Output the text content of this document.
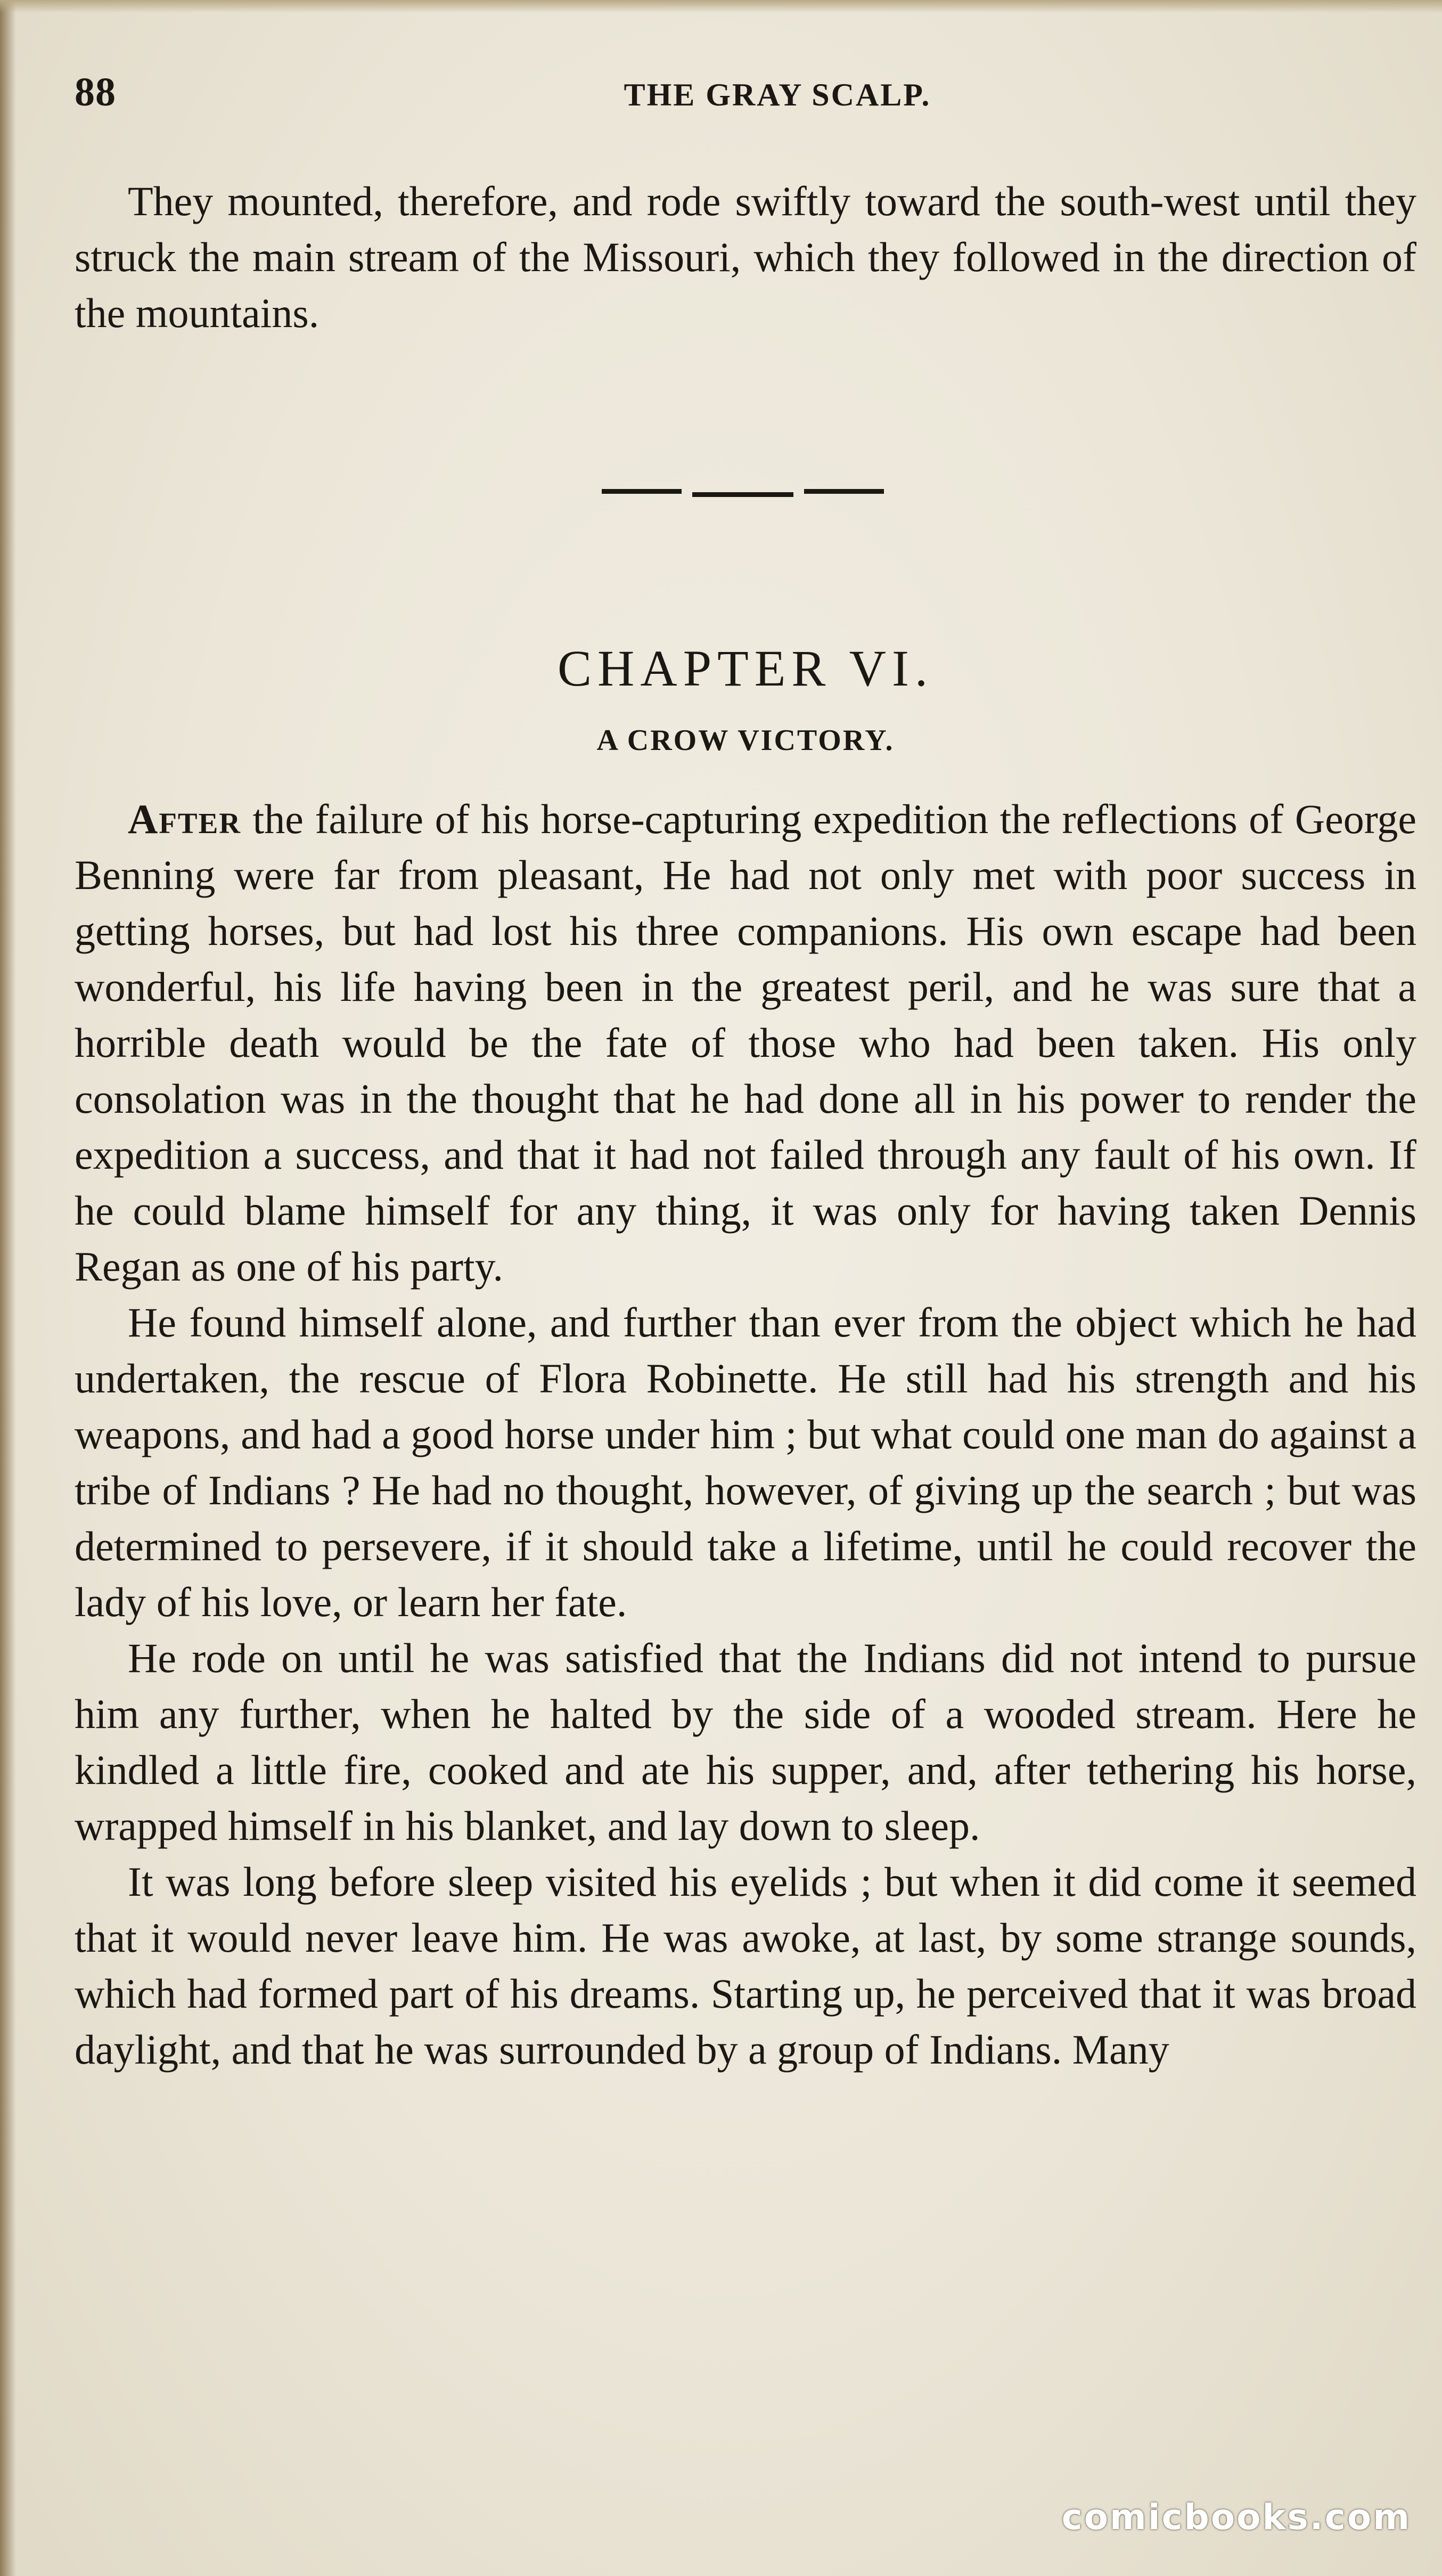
88	THE GRAY SCALP.

They mounted, therefore, and rode swiftly toward the south-west until they struck the main stream of the Missouri, which they followed in the direction of the mountains.

CHAPTER VI.
A CROW VICTORY.

After the failure of his horse-capturing expedition the reflections of George Benning were far from pleasant, He had not only met with poor success in getting horses, but had lost his three companions. His own escape had been wonderful, his life having been in the greatest peril, and he was sure that a horrible death would be the fate of those who had been taken. His only consolation was in the thought that he had done all in his power to render the expedition a success, and that it had not failed through any fault of his own. If he could blame himself for any thing, it was only for having taken Dennis Regan as one of his party.

He found himself alone, and further than ever from the object which he had undertaken, the rescue of Flora Robinette. He still had his strength and his weapons, and had a good horse under him ; but what could one man do against a tribe of Indians ? He had no thought, however, of giving up the search ; but was determined to persevere, if it should take a lifetime, until he could recover the lady of his love, or learn her fate.

He rode on until he was satisfied that the Indians did not intend to pursue him any further, when he halted by the side of a wooded stream. Here he kindled a little fire, cooked and ate his supper, and, after tethering his horse, wrapped himself in his blanket, and lay down to sleep.

It was long before sleep visited his eyelids ; but when it did come it seemed that it would never leave him. He was awoke, at last, by some strange sounds, which had formed part of his dreams. Starting up, he perceived that it was broad daylight, and that he was surrounded by a group of Indians. Many

comicbooks.com
